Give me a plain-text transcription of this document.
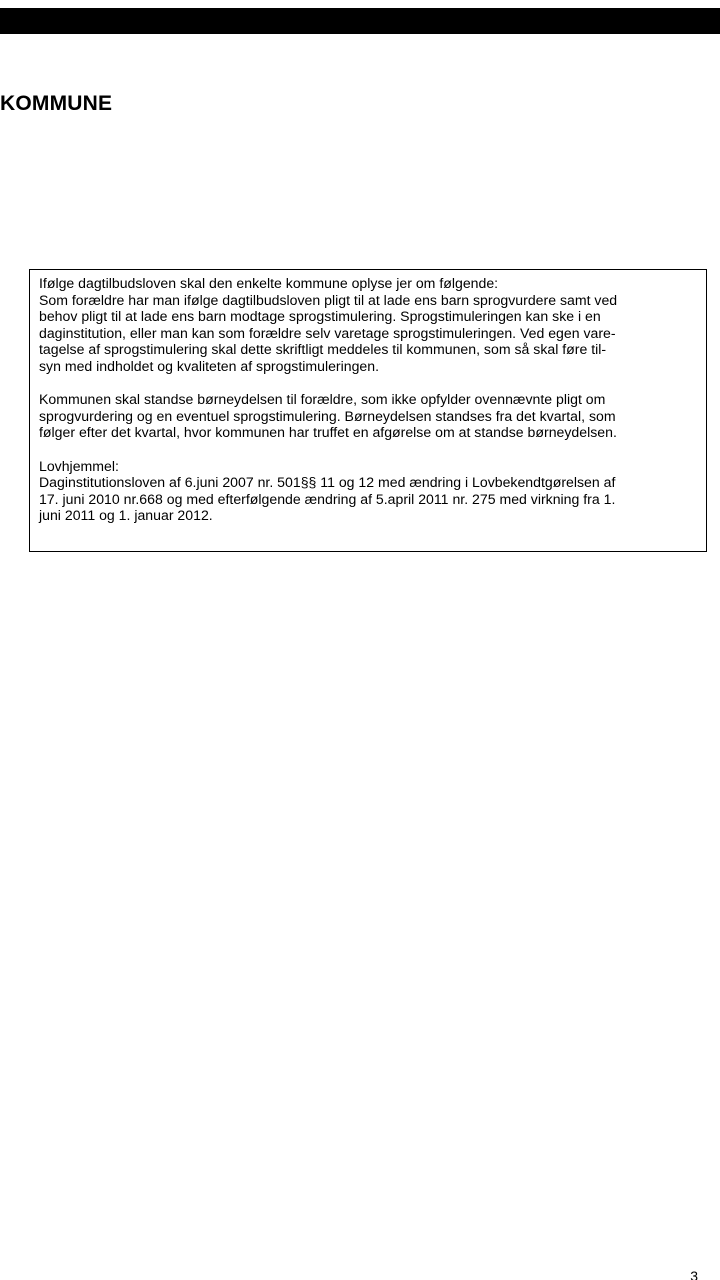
KOMMUNE

Ifølge dagtilbudsloven skal den enkelte kommune oplyse jer om følgende:

Som forældre har man ifølge dagtilbudsloven pligt til at lade ens barn sprogvurdere samt ved
behov pligt til at lade ens barn modtage sprogstimulering. Sprogstimuleringen kan ske i en
daginstitution, eller man kan som forældre selv varetage sprogstimuleringen. Ved egen vare-
tagelse af sprogstimulering skal dette skriftligt meddeles til kommunen, som så skal føre til-
syn med indholdet og kvaliteten af sprogstimuleringen.

Kommunen skal standse børneydelsen til forældre, som ikke opfylder ovennævnte pligt om
sprogvurdering og en eventuel sprogstimulering. Børneydelsen standses fra det kvartal, som
følger efter det kvartal, hvor kommunen har truffet en afgørelse om at standse børneydelsen.

Lovhjemmel:
Daginstitutionsloven af 6.juni 2007 nr. 501§§ 11 og 12 med ændring i Lovbekendtgørelsen af
17. juni 2010 nr.668 og med efterfølgende ændring af 5.april 2011 nr. 275 med virkning fra 1.
juni 2011 og 1. januar 2012.

3
